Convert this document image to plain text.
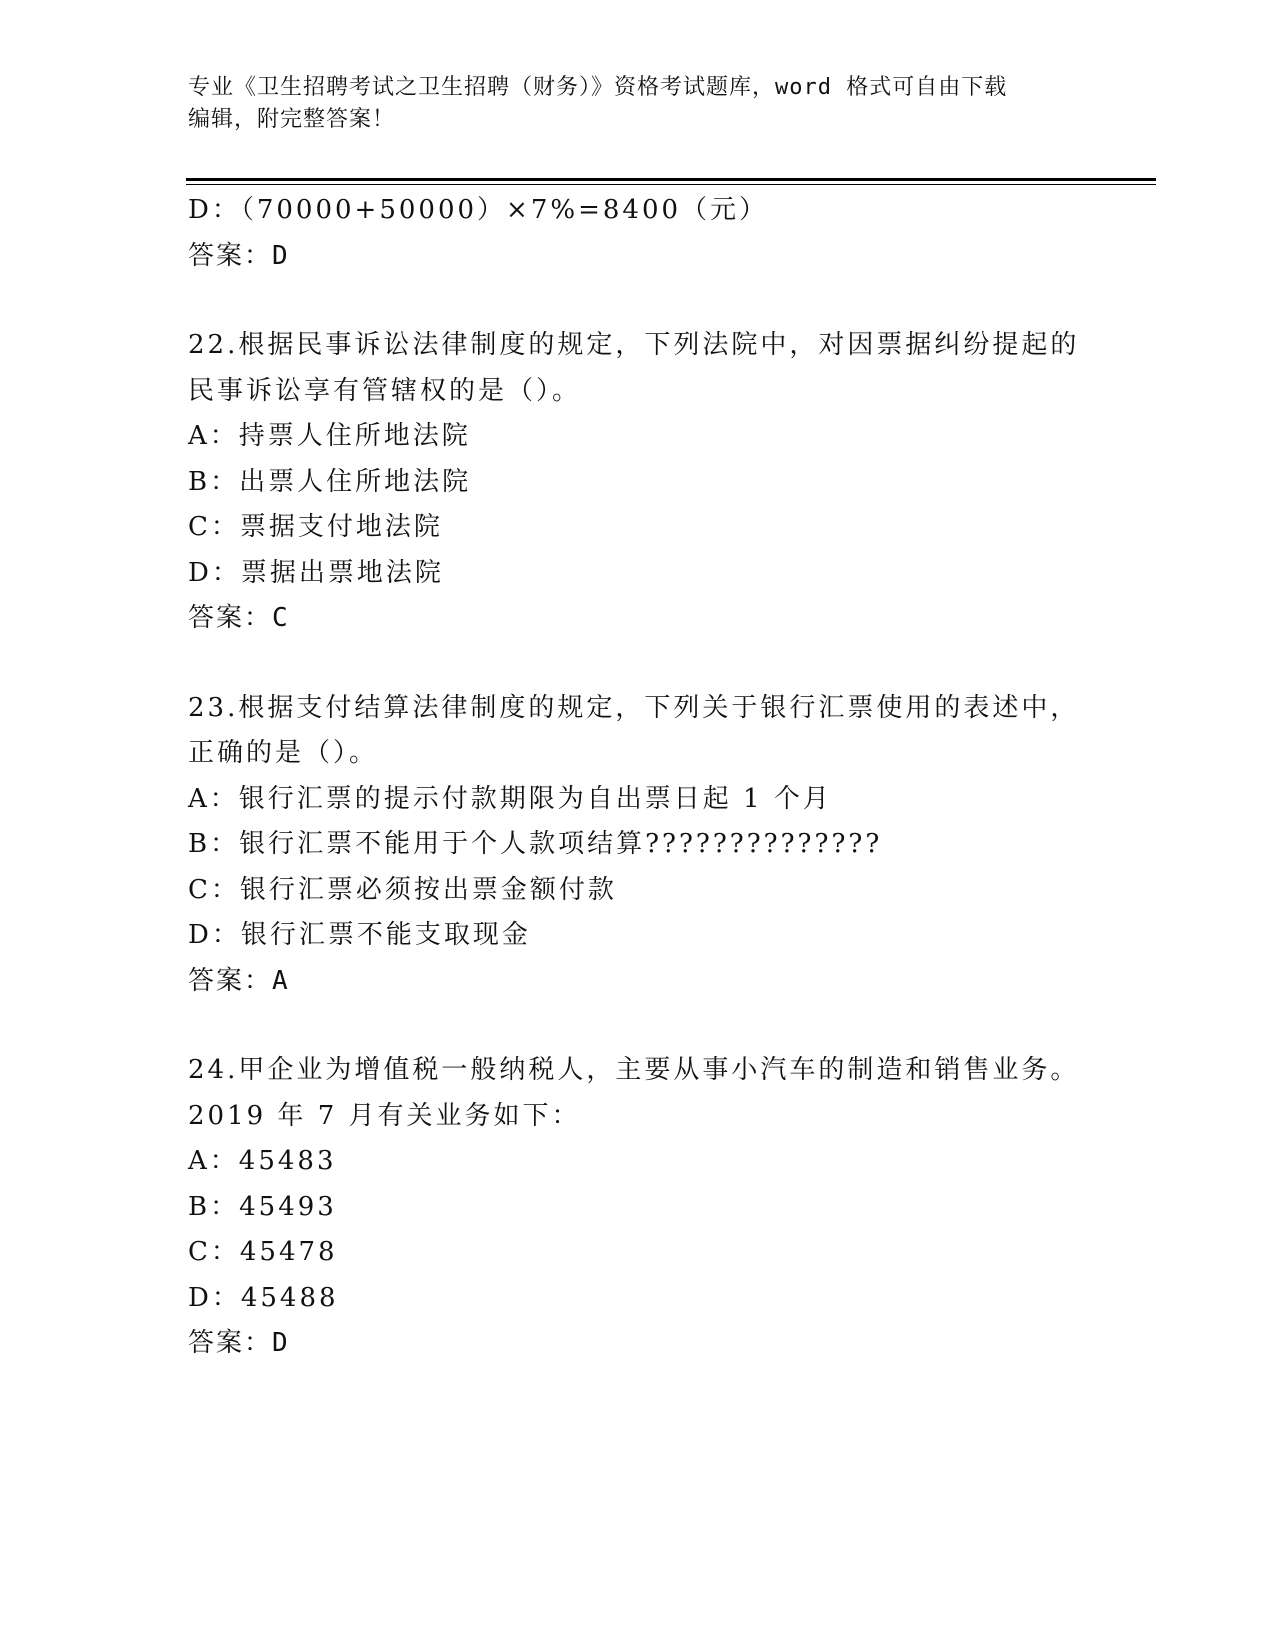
专业《卫生招聘考试之卫生招聘（财务）》资格考试题库，word 格式可自由下载
编辑，附完整答案！
D：（70000+50000）×7%=8400（元）
答案：D
22.根据民事诉讼法律制度的规定，下列法院中，对因票据纠纷提起的
民事诉讼享有管辖权的是（）。
A：持票人住所地法院
B：出票人住所地法院
C：票据支付地法院
D：票据出票地法院
答案：C
23.根据支付结算法律制度的规定，下列关于银行汇票使用的表述中，
正确的是（）。
A：银行汇票的提示付款期限为自出票日起 1 个月
B：银行汇票不能用于个人款项结算??????????????
C：银行汇票必须按出票金额付款
D：银行汇票不能支取现金
答案：A
24.甲企业为增值税一般纳税人，主要从事小汽车的制造和销售业务。
2019 年 7 月有关业务如下：
A：45483
B：45493
C：45478
D：45488
答案：D
